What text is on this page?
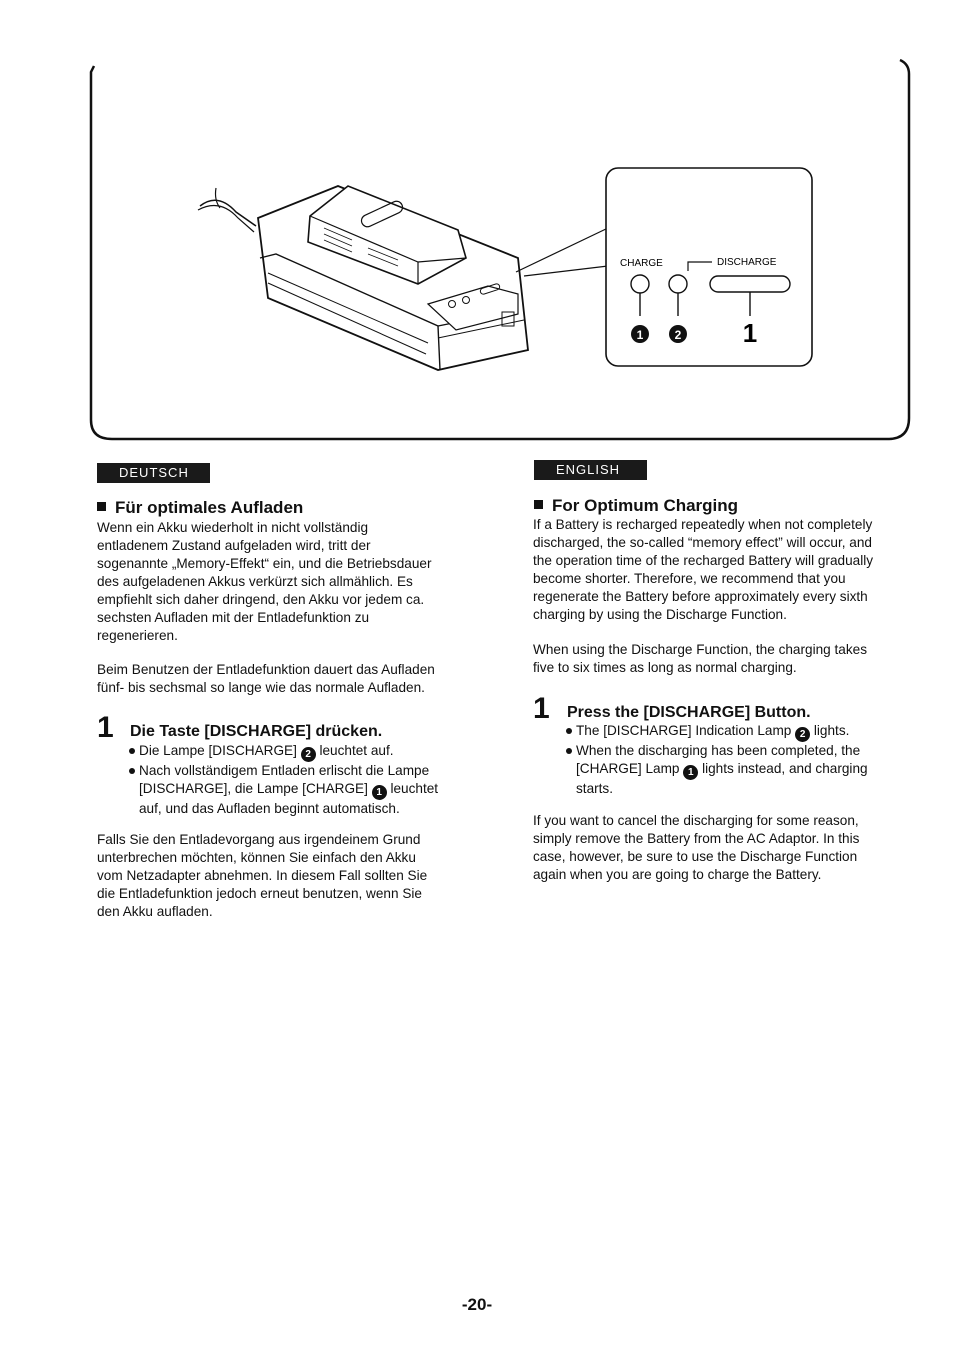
CHARGE	DISCHARGE
1	2 1
DEUTSCH
Für optimales Aufladen
Wenn ein Akku wiederholt in nicht vollständig
entladenem Zustand aufgeladen wird, tritt der
sogenannte „Memory-Effekt“ ein, und die Betriebsdauer
des aufgeladenen Akkus verkürzt sich allmählich. Es
empfiehlt sich daher dringend, den Akku vor jedem ca.
sechsten Aufladen mit der Entladefunktion zu
regenerieren.
Beim Benutzen der Entladefunktion dauert das Aufladen
fünf- bis sechsmal so lange wie das normale Aufladen.
1 Die Taste [DISCHARGE] drücken.
Die Lampe [DISCHARGE] 2 leuchtet auf.
Nach vollständigem Entladen erlischt die Lampe
[DISCHARGE], die Lampe [CHARGE] 1 leuchtet
auf, und das Aufladen beginnt automatisch.
Falls Sie den Entladevorgang aus irgendeinem Grund
unterbrechen möchten, können Sie einfach den Akku
vom Netzadapter abnehmen. In diesem Fall sollten Sie
die Entladefunktion jedoch erneut benutzen, wenn Sie
den Akku aufladen.
ENGLISH
For Optimum Charging
If a Battery is recharged repeatedly when not completely
discharged, the so-called “memory effect” will occur, and
the operation time of the recharged Battery will gradually
become shorter. Therefore, we recommend that you
regenerate the Battery before approximately every sixth
charging by using the Discharge Function.
When using the Discharge Function, the charging takes
five to six times as long as normal charging.
1 Press the [DISCHARGE] Button.
The [DISCHARGE] Indication Lamp 2 lights.
When the discharging has been completed, the
[CHARGE] Lamp 1 lights instead, and charging
starts.
If you want to cancel the discharging for some reason,
simply remove the Battery from the AC Adaptor. In this
case, however, be sure to use the Discharge Function
again when you are going to charge the Battery.
-20-
